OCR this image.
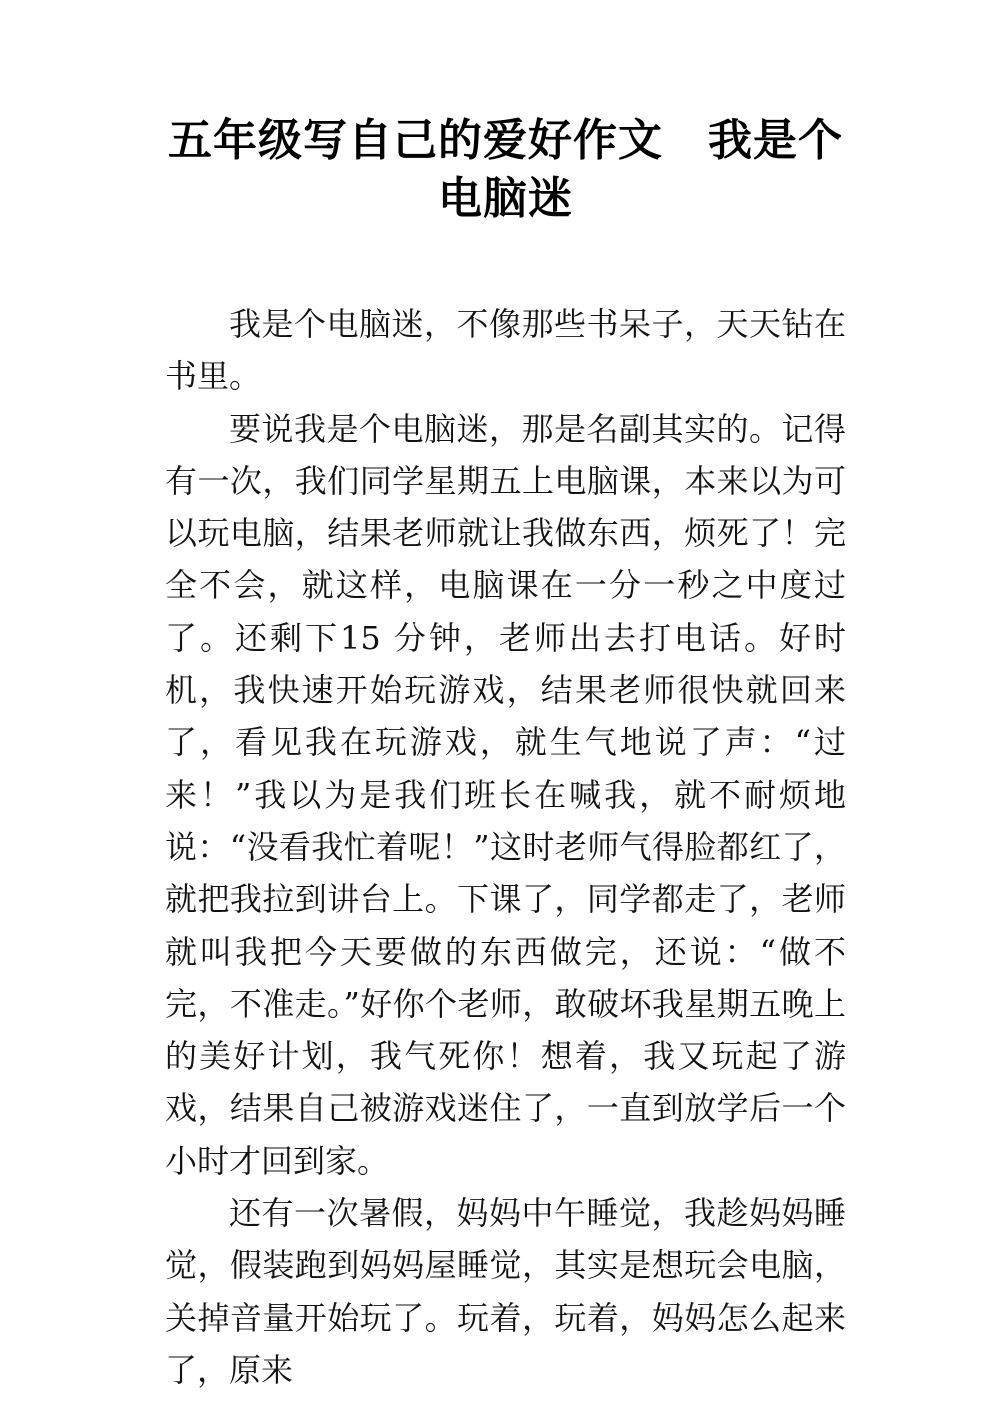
五年级写自己的爱好作文　我是个电脑迷

我是个电脑迷，不像那些书呆子，天天钻在书里。

要说我是个电脑迷，那是名副其实的。记得有一次，我们同学星期五上电脑课，本来以为可以玩电脑，结果老师就让我做东西，烦死了！完全不会，就这样，电脑课在一分一秒之中度过了。还剩下15 分钟，老师出去打电话。好时机，我快速开始玩游戏，结果老师很快就回来了，看见我在玩游戏，就生气地说了声：“过来！”我以为是我们班长在喊我，就不耐烦地说：“没看我忙着呢！”这时老师气得脸都红了，就把我拉到讲台上。下课了，同学都走了，老师就叫我把今天要做的东西做完，还说：“做不完，不准走。”好你个老师，敢破坏我星期五晚上的美好计划，我气死你！想着，我又玩起了游戏，结果自己被游戏迷住了，一直到放学后一个小时才回到家。

还有一次暑假，妈妈中午睡觉，我趁妈妈睡觉，假装跑到妈妈屋睡觉，其实是想玩会电脑，关掉音量开始玩了。玩着，玩着，妈妈怎么起来了，原来
